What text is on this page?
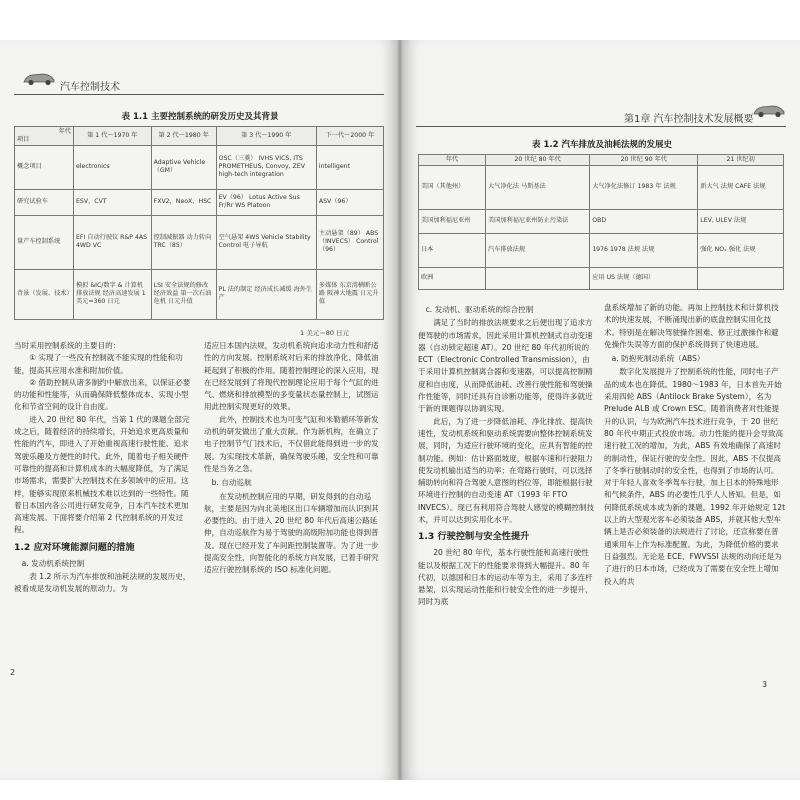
汽车控制技术
表 1.1 主要控制系统的研发历史及其背景
年代
项目	第 1 代～1970 年	第 2 代～1980 年	第 3 代～1990 年	下一代～2000 年
概念项目	electronics	Adaptive Vehicle（GM）	OSC（三菱） IVHS VICS, ITS PROMETHEUS, Convoy, ZEV high-tech integration	intelligent
研究试验车	ESV，CVT	FXV2，NeoX，HSC	EV（96） Lotus Active Sus Fr/Rr WS Platoon	ASV（96）
量产车控制系统	EFI 自动行驶仪 R&P 4AS 4WD VC	控制减振器 动力转向 TRC（85）	空气悬架 4WS Vehicle Stability Control 电子导航	主动悬架（89） ABS（INVECS） Control（96）
背景（发展、技术）	模拟 &IC/数字 & 计算机 排放法规 经济高速发展 1 美元=360 日元	LSI 安全法规的修改 经济效益 第一次石油危机 日元升值	PL 法的制定 经济成长减缓 海外生产	多媒体 东京湾横断公路 阪神大地震 日元升值
1 美元＝80 日元

当时采用控制系统的主要目的：

① 实现了一些没有控制就不能实现的性能和功能，提高其应用水准和附加价值。

② 借助控制从诸多制约中解放出来，以保证必要的功能和性能等，从而确保降低整体成本、实现小型化和节省空间的设计自由度。

进入 20 世纪 80 年代，当第 1 代的课题全部完成之后，随着经济的持续增长，开始追求更高质量和性能的汽车，即进入了开始重视高速行驶性能、追求驾驶乐趣及方便性的时代。此外，随着电子相关硬件可靠性的提高和计算机成本的大幅度降低，为了满足市场需求，需要扩大控制技术在多领域中的应用。这样，能够实现原来机械技术难以达到的一些特性。随着日本国内各公司进行研发竞争，日本汽车技术更加高速发展。下面将要介绍第 2 代控制系统的开发过程。

1.2 应对环境能源问题的措施
a. 发动机系统控制

表 1.2 所示为汽车排放和油耗法规的发展历史，被看成是发动机发展的原动力。为

适应日本国内法规，发动机系统向追求动力性和舒适性的方向发展。控制系统对后来的排放净化、降低油耗起到了积极的作用。随着控制理论的深入应用，现在已经发展到了将现代控制理论应用于每个气缸的进气、燃烧和排放模型的多变量状态量控制上，试图运用此控制实现更好的效果。

此外，控制技术也为可变气缸和米勒循环等新发动机的研发做出了重大贡献。作为新机构，在确立了电子控制节气门技术后，不仅借此能得到进一步的发展。为实现技术革新，确保驾驶乐趣，安全性和可靠性是当务之急。

b. 自动巡航

在发动机控制应用的早期，研发得到的自动巡航，主要是因为向北美地区出口车辆增加而认识到其必要性的。由于进入 20 世纪 80 年代后高速公路延伸，自动巡航作为易于驾驶的高级附加功能也得到普及。现在已经开发了车间距控制装置等。为了进一步提高安全性，向智能化的系统方向发展，已着手研究适应行驶控制系统的 ISO 标准化问题。

2
第1章 汽车控制技术发展概要
表 1.2 汽车排放及油耗法规的发展史
年代	20 世纪 80 年代	20 世纪 90 年代	21 世纪初
美国（其他州）	大气净化法 马斯基法	大气净化法修订 1983 年 法规	新大气 法规 CAFE 法规
美国加利福尼亚州	美国加利福尼亚州防止污染法	OBD	LEV, ULEV 法规
日本	汽车排放法规	1976 1978 法规 法规	强化 NOₓ 强化 法规
欧洲		应用 US 法规（德国）	
c. 发动机、驱动系统的综合控制

满足了当时的排放法规要求之后便出现了追求方便驾驶的市场需求，因此采用计算机控制式自动变速器（自动锁定超速 AT）。20 世纪 80 年代初所说的 ECT（Electronic Controlled Transmission），由于采用计算机控制离合器和变速器，可以提高控制精度和自由度，从而降低油耗、改善行驶性能和驾驶操作性能等，同时还具有自诊断功能等，使得许多就近于新的课题得以协调实现。

此后，为了进一步降低油耗、净化排放、提高快速性，发动机系统和驱动系统需要向整体控制系统发展，同时，为适应行驶环境的变化，应具有智能的控制功能。例如：估计路面坡度，根据车速和行驶阻力使发动机输出适当的功率；在弯路行驶时，可以选择辅助转向和符合驾驶人意图的档位等，即能根据行驶环境进行控制的自动变速 AT（1993 年 FTO INVECS）。现已有利用符合驾驶人感觉的模糊控制技术，并可以达到实用化水平。

1.3 行驶控制与安全性提升

20 世纪 80 年代，基本行驶性能和高速行驶性能以及根据工况下的性能要求得到大幅提升。80 年代初，以德国和日本的运动车等为主，采用了多连杆悬架，以实现运动性能和行驶安全性的进一步提升，同时为底

盘系统增加了新的功能。再加上控制技术和计算机技术的快速发展，不断涌现出新的底盘控制实用化技术。特别是在解决驾驶操作困难、修正过激操作和避免操作失误等方面的保护系统得到了快速进展。

a. 防抱死制动系统（ABS）

数字化发展提升了控制系统的性能，同时电子产品的成本也在降低。1980～1983 年，日本首先开始采用四轮 ABS（Antilock Brake System），名为 Prelude ALB 或 Crown ESC。随着消费者对性能提升的认识，与为欧洲汽车技术进行竞争，于 20 世纪 80 年代中期正式投放市场。动力性能的提升会导致高速行驶工况的增加，为此，ABS 有效地确保了高速时的制动性，保证行驶的安全性。因此，ABS 不仅提高了冬季行驶制动时的安全性，也得到了市场的认可。对于年轻人喜欢冬季驾车行驶，加上日本的特殊地形和气候条件，ABS 的必要性几乎人人皆知。但是，如何降低系统成本成为新的课题。1992 年开始规定 12t 以上的大型观光客车必须装备 ABS，并就其他大型车辆上是否必须装备的法规进行了讨论，还宣称要在普通乘用车上作为标准配置。为此，为降低价格的要求日益强烈。无论是 ECE、FWVSSI 法规的动向还是为了进行的日本市场，已经成为了需要在安全性上增加投入的共

3
